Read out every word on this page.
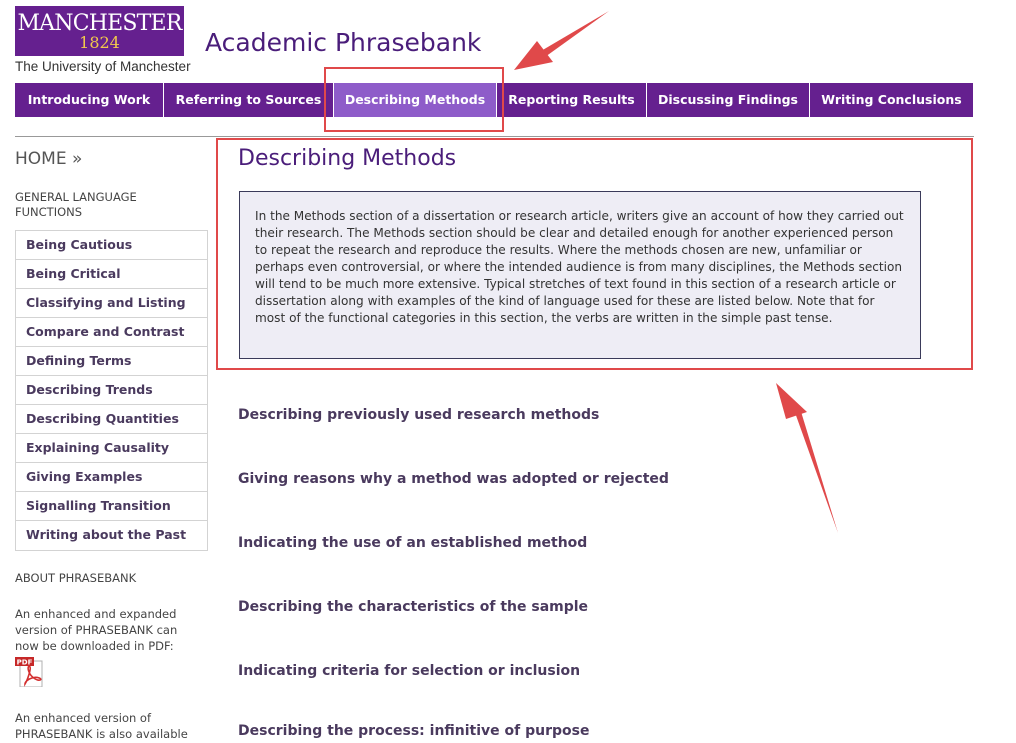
MANCHESTER
1824
The University of Manchester
Academic Phrasebank
Introducing Work	Referring to Sources	Describing Methods	Reporting Results	Discussing Findings	Writing Conclusions
HOME »
GENERAL LANGUAGE FUNCTIONS
Being Cautious
Being Critical
Classifying and Listing
Compare and Contrast
Defining Terms
Describing Trends
Describing Quantities
Explaining Causality
Giving Examples
Signalling Transition
Writing about the Past
ABOUT PHRASEBANK
An enhanced and expanded version of PHRASEBANK can now be downloaded in PDF:
PDF
An enhanced version of PHRASEBANK is also available
Describing Methods
In the Methods section of a dissertation or research article, writers give an account of how they carried out their research. The Methods section should be clear and detailed enough for another experienced person to repeat the research and reproduce the results. Where the methods chosen are new, unfamiliar or perhaps even controversial, or where the intended audience is from many disciplines, the Methods section will tend to be much more extensive. Typical stretches of text found in this section of a research article or dissertation along with examples of the kind of language used for these are listed below. Note that for most of the functional categories in this section, the verbs are written in the simple past tense.
Describing previously used research methods
Giving reasons why a method was adopted or rejected
Indicating the use of an established method
Describing the characteristics of the sample
Indicating criteria for selection or inclusion
Describing the process: infinitive of purpose
